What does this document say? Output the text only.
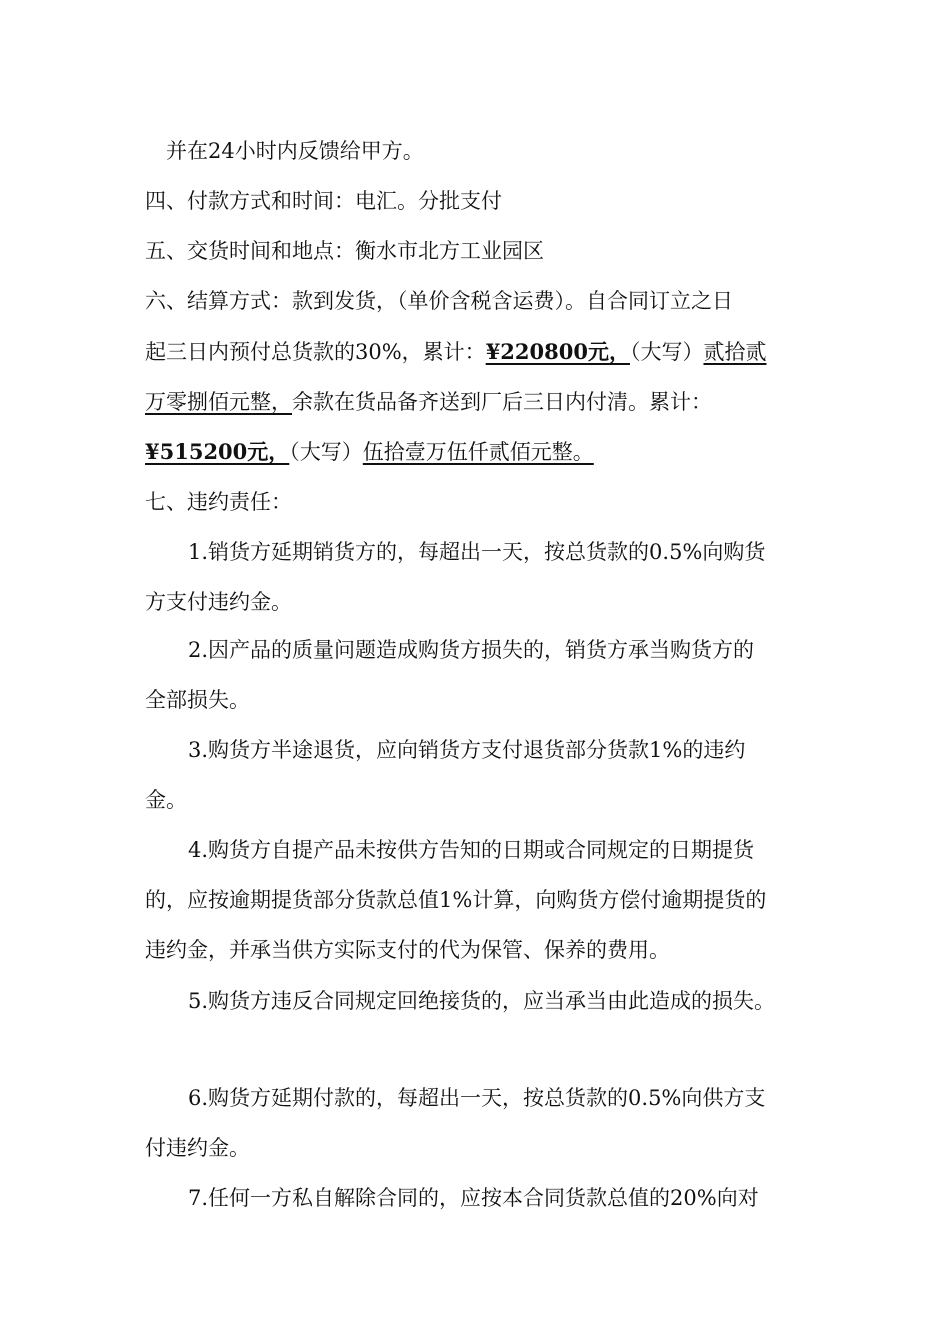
并在24小时内反馈给甲方。
四、付款方式和时间：电汇。分批支付
五、交货时间和地点：衡水市北方工业园区
六、结算方式：款到发货，（单价含税含运费）。自合同订立之日
起三日内预付总货款的30%，累计：¥220800元，（大写）贰拾贰
万零捌佰元整，余款在货品备齐送到厂后三日内付清。累计：
¥515200元，（大写）伍拾壹万伍仟贰佰元整。
七、违约责任：
1.销货方延期销货方的，每超出一天，按总货款的0.5%向购货
方支付违约金。
2.因产品的质量问题造成购货方损失的，销货方承当购货方的
全部损失。
3.购货方半途退货，应向销货方支付退货部分货款1%的违约
金。
4.购货方自提产品未按供方告知的日期或合同规定的日期提货
的，应按逾期提货部分货款总值1%计算，向购货方偿付逾期提货的
违约金，并承当供方实际支付的代为保管、保养的费用。
5.购货方违反合同规定回绝接货的，应当承当由此造成的损失。
6.购货方延期付款的，每超出一天，按总货款的0.5%向供方支
付违约金。
7.任何一方私自解除合同的，应按本合同货款总值的20%向对
